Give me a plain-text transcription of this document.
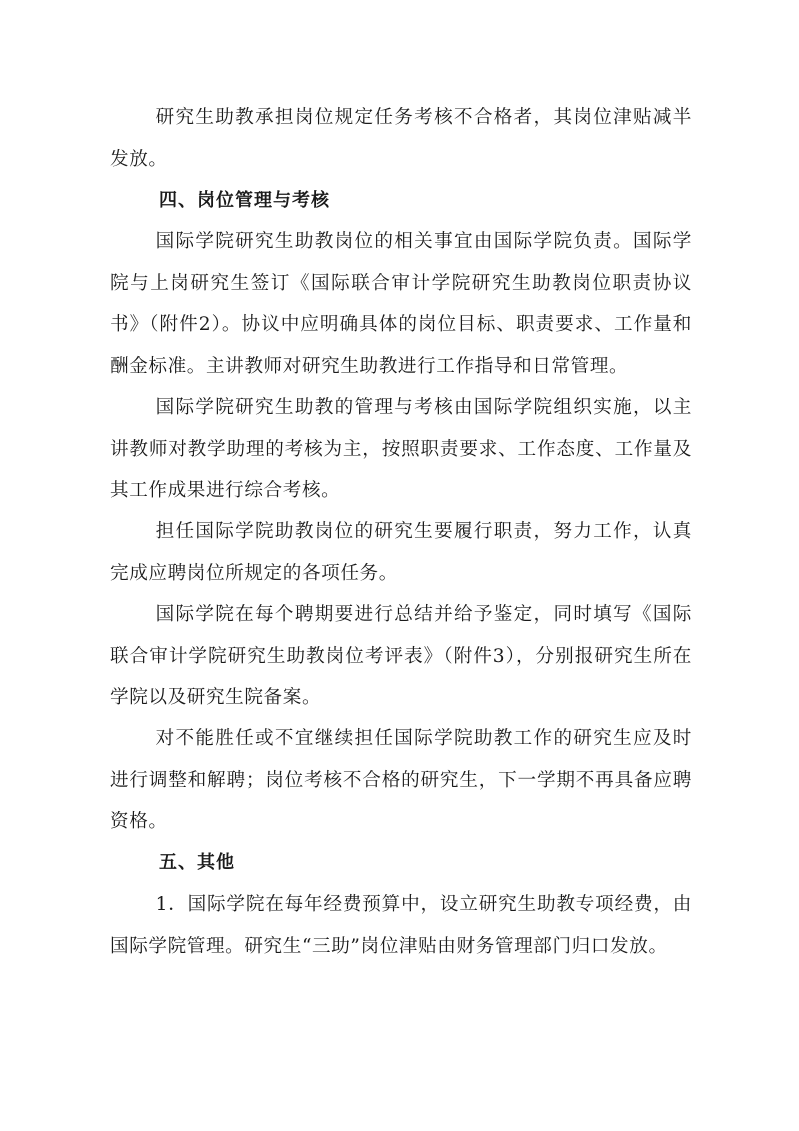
研究生助教承担岗位规定任务考核不合格者，其岗位津贴减半发放。

四、岗位管理与考核

国际学院研究生助教岗位的相关事宜由国际学院负责。国际学院与上岗研究生签订《国际联合审计学院研究生助教岗位职责协议书》（附件2）。协议中应明确具体的岗位目标、职责要求、工作量和酬金标准。主讲教师对研究生助教进行工作指导和日常管理。

国际学院研究生助教的管理与考核由国际学院组织实施，以主讲教师对教学助理的考核为主，按照职责要求、工作态度、工作量及其工作成果进行综合考核。

担任国际学院助教岗位的研究生要履行职责，努力工作，认真完成应聘岗位所规定的各项任务。

国际学院在每个聘期要进行总结并给予鉴定，同时填写《国际联合审计学院研究生助教岗位考评表》（附件3），分别报研究生所在学院以及研究生院备案。

对不能胜任或不宜继续担任国际学院助教工作的研究生应及时进行调整和解聘；岗位考核不合格的研究生，下一学期不再具备应聘资格。

五、其他

1．国际学院在每年经费预算中，设立研究生助教专项经费，由国际学院管理。研究生“三助”岗位津贴由财务管理部门归口发放。
